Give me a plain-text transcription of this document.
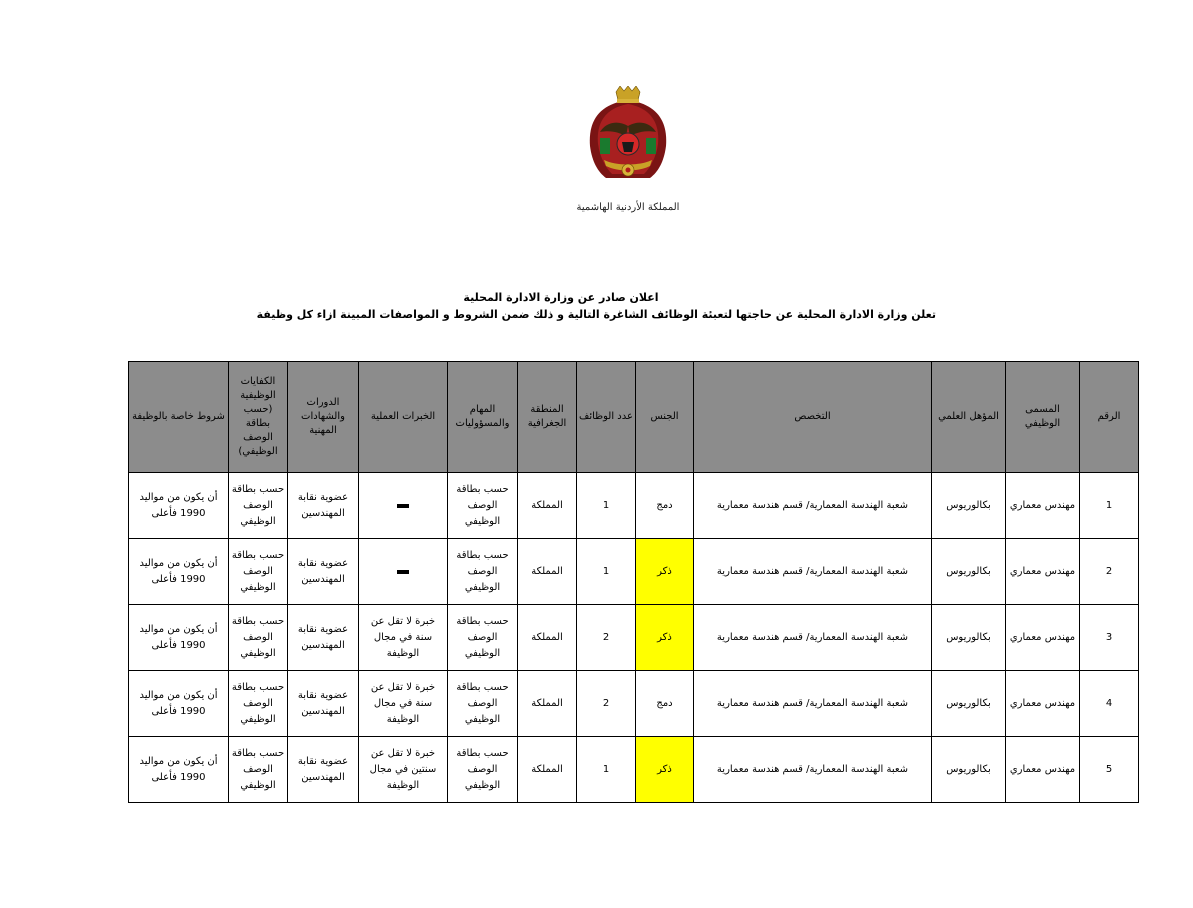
المملكة الأردنية الهاشمية
اعلان صادر عن وزارة الادارة المحلية
تعلن وزارة الادارة المحلية عن حاجتها لتعبئة الوظائف الشاغرة التالية و ذلك ضمن الشروط و المواصفات المبينة ازاء كل وظيفة
الرقم	المسمى الوظيفي	المؤهل العلمي	التخصص	الجنس	عدد الوظائف	المنطقة الجغرافية	المهام والمسؤوليات	الخبرات العملية	الدورات والشهادات المهنية	الكفايات الوظيفية (حسب بطاقة الوصف الوظيفي)	شروط خاصة بالوظيفة
1	مهندس معماري	بكالوريوس	شعبة الهندسة المعمارية/ قسم هندسة معمارية	دمج	1	المملكة	حسب بطاقة الوصف الوظيفي		عضوية نقابة المهندسين	حسب بطاقة الوصف الوظيفي	أن يكون من مواليد 1990 فأعلى
2	مهندس معماري	بكالوريوس	شعبة الهندسة المعمارية/ قسم هندسة معمارية	ذكر	1	المملكة	حسب بطاقة الوصف الوظيفي		عضوية نقابة المهندسين	حسب بطاقة الوصف الوظيفي	أن يكون من مواليد 1990 فأعلى
3	مهندس معماري	بكالوريوس	شعبة الهندسة المعمارية/ قسم هندسة معمارية	ذكر	2	المملكة	حسب بطاقة الوصف الوظيفي	خبرة لا تقل عن سنة في مجال الوظيفة	عضوية نقابة المهندسين	حسب بطاقة الوصف الوظيفي	أن يكون من مواليد 1990 فأعلى
4	مهندس معماري	بكالوريوس	شعبة الهندسة المعمارية/ قسم هندسة معمارية	دمج	2	المملكة	حسب بطاقة الوصف الوظيفي	خبرة لا تقل عن سنة في مجال الوظيفة	عضوية نقابة المهندسين	حسب بطاقة الوصف الوظيفي	أن يكون من مواليد 1990 فأعلى
5	مهندس معماري	بكالوريوس	شعبة الهندسة المعمارية/ قسم هندسة معمارية	ذكر	1	المملكة	حسب بطاقة الوصف الوظيفي	خبرة لا تقل عن سنتين في مجال الوظيفة	عضوية نقابة المهندسين	حسب بطاقة الوصف الوظيفي	أن يكون من مواليد 1990 فأعلى
